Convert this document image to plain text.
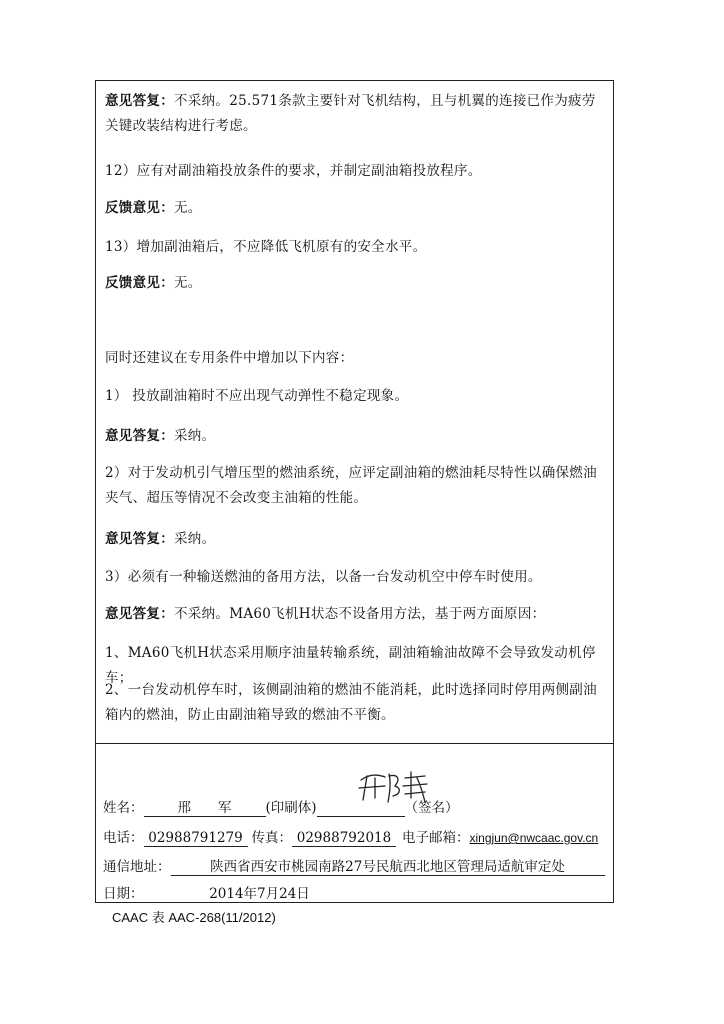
意见答复：不采纳。25.571条款主要针对飞机结构，且与机翼的连接已作为疲劳关键改装结构进行考虑。
12）应有对副油箱投放条件的要求，并制定副油箱投放程序。
反馈意见：无。
13）增加副油箱后，不应降低飞机原有的安全水平。
反馈意见：无。
同时还建议在专用条件中增加以下内容：
1） 投放副油箱时不应出现气动弹性不稳定现象。
意见答复：采纳。
2）对于发动机引气增压型的燃油系统，应评定副油箱的燃油耗尽特性以确保燃油夹气、超压等情况不会改变主油箱的性能。
意见答复：采纳。
3）必须有一种输送燃油的备用方法，以备一台发动机空中停车时使用。
意见答复：不采纳。MA60飞机H状态不设备用方法，基于两方面原因：
1、MA60飞机H状态采用顺序油量转输系统，副油箱输油故障不会导致发动机停车；
2、一台发动机停车时，该侧副油箱的燃油不能消耗，此时选择同时停用两侧副油箱内的燃油，防止由副油箱导致的燃油不平衡。
姓名：	邢　　军	(印刷体)	（签名）
电话： 02988791279 传真： 02988792018 电子邮箱：xingjun@nwcaac.gov.cn
通信地址：	陕西省西安市桃园南路27号民航西北地区管理局适航审定处
日期：	2014年7月24日
CAAC 表 AAC-268(11/2012)
